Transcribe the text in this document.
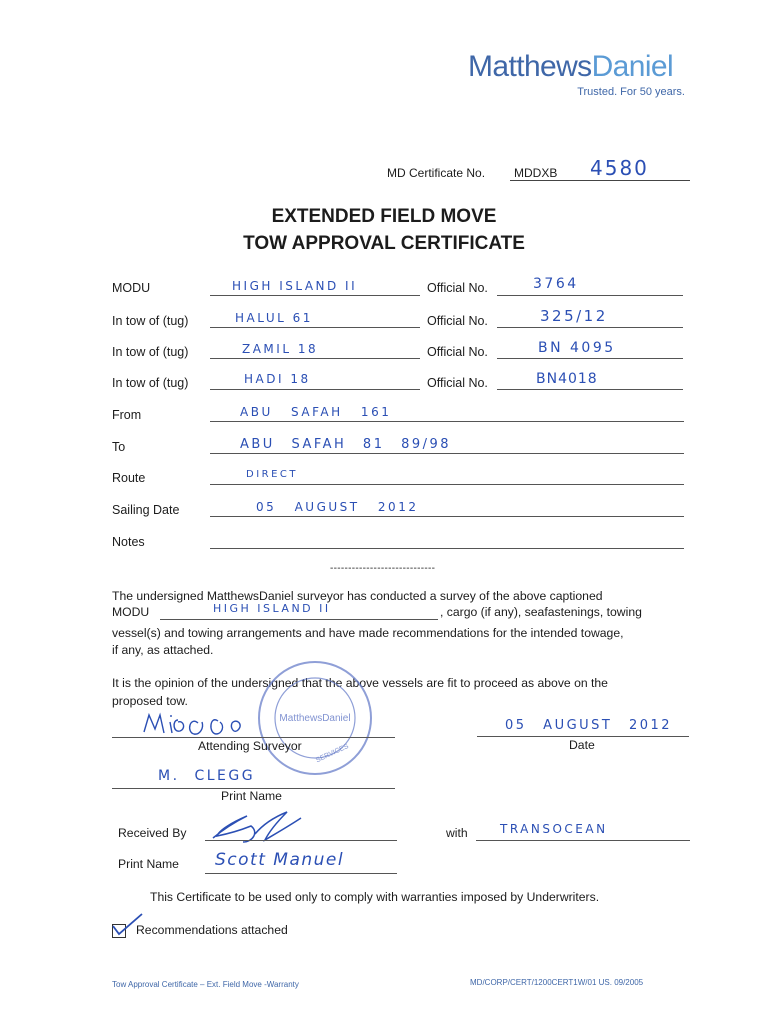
MatthewsDaniel
Trusted. For 50 years.
MD Certificate No. MDDXB 4580
EXTENDED FIELD MOVE
TOW APPROVAL CERTIFICATE
MODU	HIGH ISLAND II	Official No.	3764
In tow of (tug)	HALUL 61	Official No.	325/12
In tow of (tug)	ZAMIL 18	Official No.	BN 4095
In tow of (tug)	HADI 18	Official No.	BN4018
From	ABU SAFAH 161
To	ABU SAFAH 81 89/98
Route	DIRECT
Sailing Date	05 AUGUST 2012
Notes
-----------------------------
The undersigned MatthewsDaniel surveyor has conducted a survey of the above captioned
MODU	HIGH ISLAND II	, cargo (if any), seafastenings, towing
vessel(s) and towing arrangements and have made recommendations for the intended towage,
if any, as attached.
It is the opinion of the undersigned that the above vessels are fit to proceed as above on the
proposed tow.
MatthewsDaniel
SERVICES
Attending Surveyor
05 AUGUST 2012
Date
M. CLEGG
Print Name
Received By	with	TRANSOCEAN
Print Name Scott Manuel
This Certificate to be used only to comply with warranties imposed by Underwriters.
Recommendations attached
Tow Approval Certificate – Ext. Field Move -Warranty	MD/CORP/CERT/1200CERT1W/01 US. 09/2005
